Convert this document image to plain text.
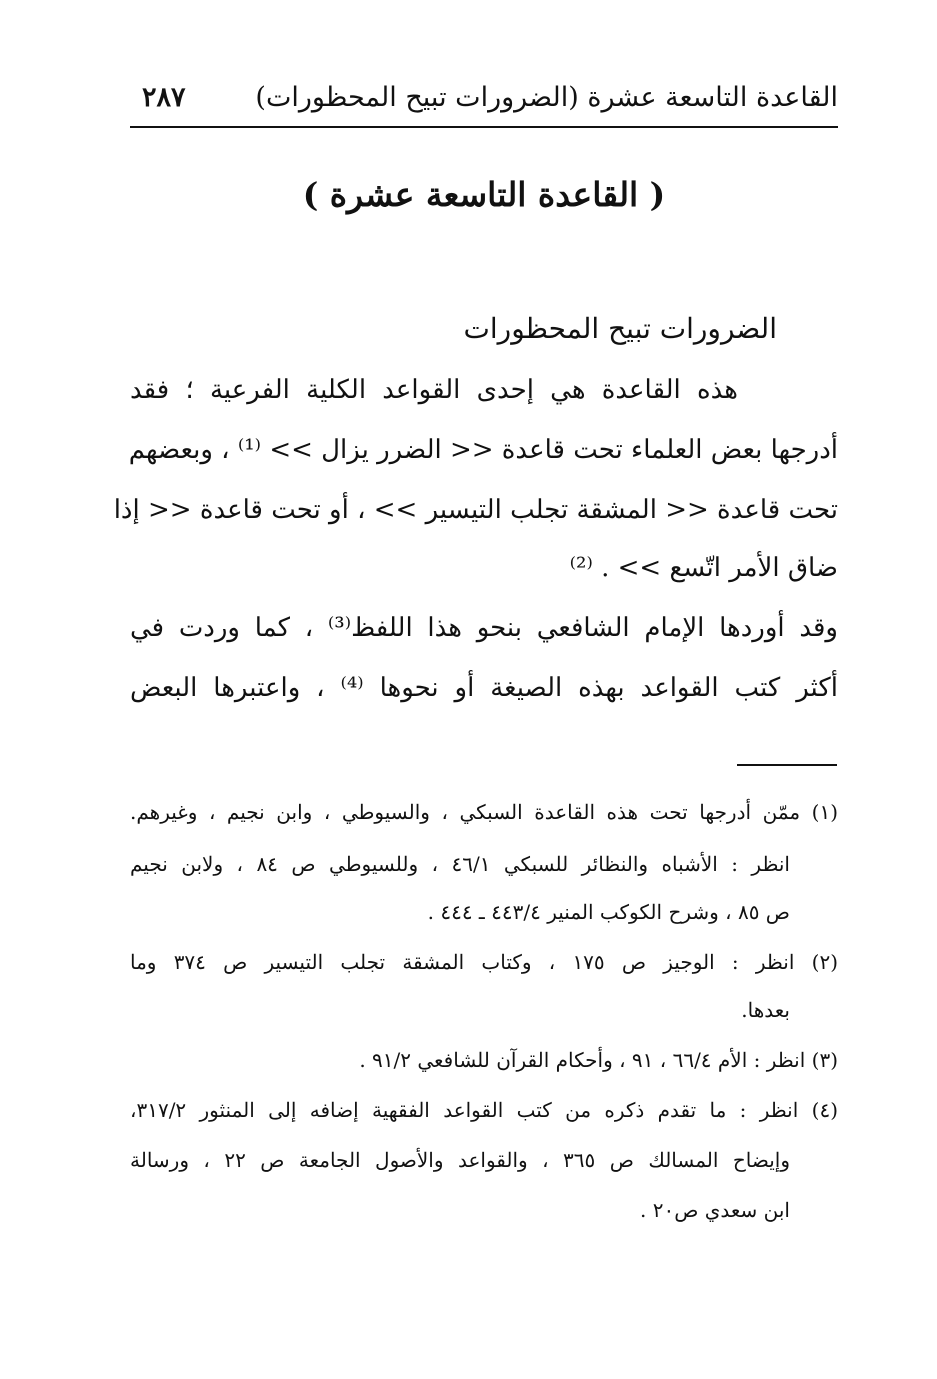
القاعدة التاسعة عشرة (الضرورات تبيح المحظورات)
٢٨٧
( القاعدة التاسعة عشرة )
الضرورات تبيح المحظورات
هذه القاعدة هي إحدى القواعد الكلية الفرعية ؛ فقد
أدرجها بعض العلماء تحت قاعدة << الضرر يزال >> ⁽¹⁾ ، وبعضهم
تحت قاعدة << المشقة تجلب التيسير >> ، أو تحت قاعدة << إذا
ضاق الأمر اتّسع >> . ⁽²⁾
وقد أوردها الإمام الشافعي بنحو هذا اللفظ⁽³⁾ ، كما وردت في
أكثر كتب القواعد بهذه الصيغة أو نحوها ⁽⁴⁾ ، واعتبرها البعض
(١) ممّن أدرجها تحت هذه القاعدة السبكي ، والسيوطي ، وابن نجيم ، وغيرهم.
انظر : الأشباه والنظائر للسبكي ٤٦/١ ، وللسيوطي ص ٨٤ ، ولابن نجيم
ص ٨٥ ، وشرح الكوكب المنير ٤٤٣/٤ ـ ٤٤٤ .
(٢) انظر : الوجيز ص ١٧٥ ، وكتاب المشقة تجلب التيسير ص ٣٧٤ وما
بعدها.
(٣) انظر : الأم ٦٦/٤ ، ٩١ ، وأحكام القرآن للشافعي ٩١/٢ .
(٤) انظر : ما تقدم ذكره من كتب القواعد الفقهية إضافه إلى المنثور ٣١٧/٢،
وإيضاح المسالك ص ٣٦٥ ، والقواعد والأصول الجامعة ص ٢٢ ، ورسالة
ابن سعدي ص٢٠ .
